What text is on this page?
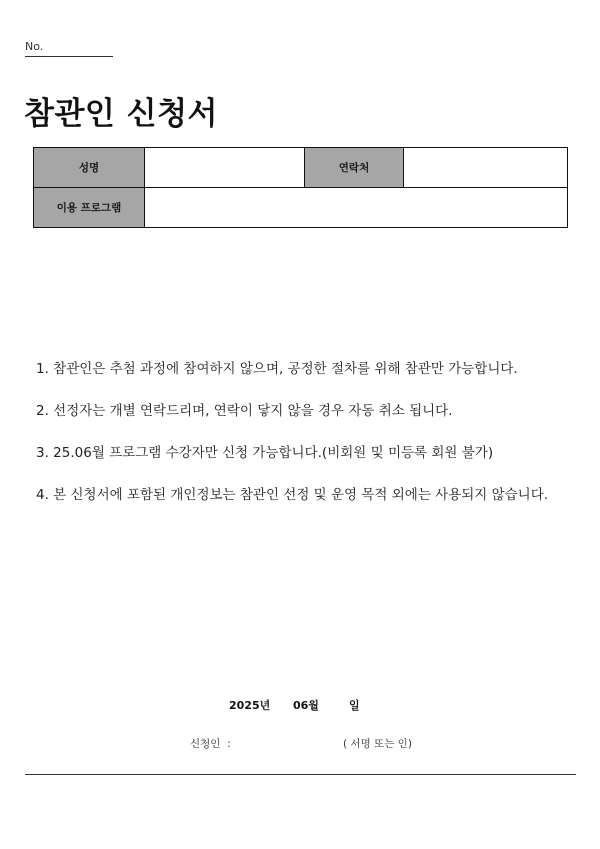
No.
참관인 신청서
성명		연락처	
이용 프로그램			
1. 참관인은 추첨 과정에 참여하지 않으며, 공정한 절차를 위해 참관만 가능합니다.
2. 선정자는 개별 연락드리며, 연락이 닿지 않을 경우 자동 취소 됩니다.
3. 25.06월 프로그램 수강자만 신청 가능합니다.(비회원 및 미등록 회원 불가)
4. 본 신청서에 포함된 개인정보는 참관인 선정 및 운영 목적 외에는 사용되지 않습니다.
2025년 06월	일
신청인  :	( 서명 또는 인)
